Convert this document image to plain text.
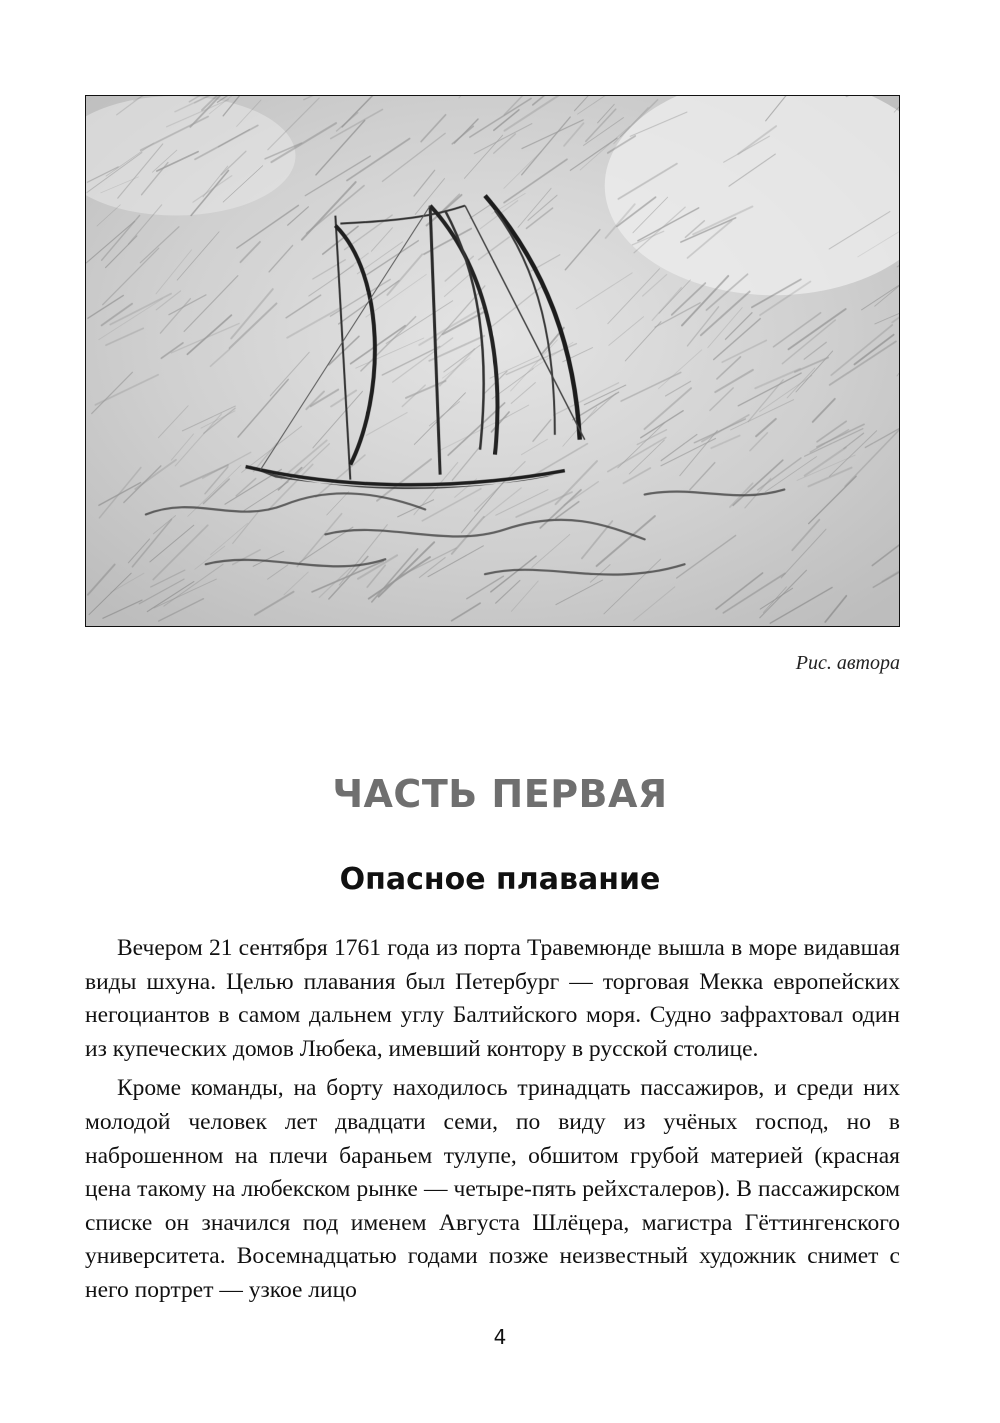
Рис. автора
ЧАСТЬ ПЕРВАЯ
Опасное плавание

Вечером 21 сентября 1761 года из порта Травемюнде вышла в море видавшая виды шхуна. Целью плавания был Петербург — торговая Мекка европейских негоциантов в самом дальнем углу Балтийского моря. Судно зафрахтовал один из купеческих домов Любека, имевший контору в русской столице.

Кроме команды, на борту находилось тринадцать пассажиров, и среди них молодой человек лет двадцати семи, по виду из учёных господ, но в наброшенном на плечи бараньем тулупе, обшитом грубой материей (красная цена такому на любекском рынке — четыре-пять рейхсталеров). В пассажирском списке он значился под именем Августа Шлёцера, магистра Гёттингенского университета. Восемнадцатью годами позже неизвестный художник снимет с него портрет — узкое лицо

4
